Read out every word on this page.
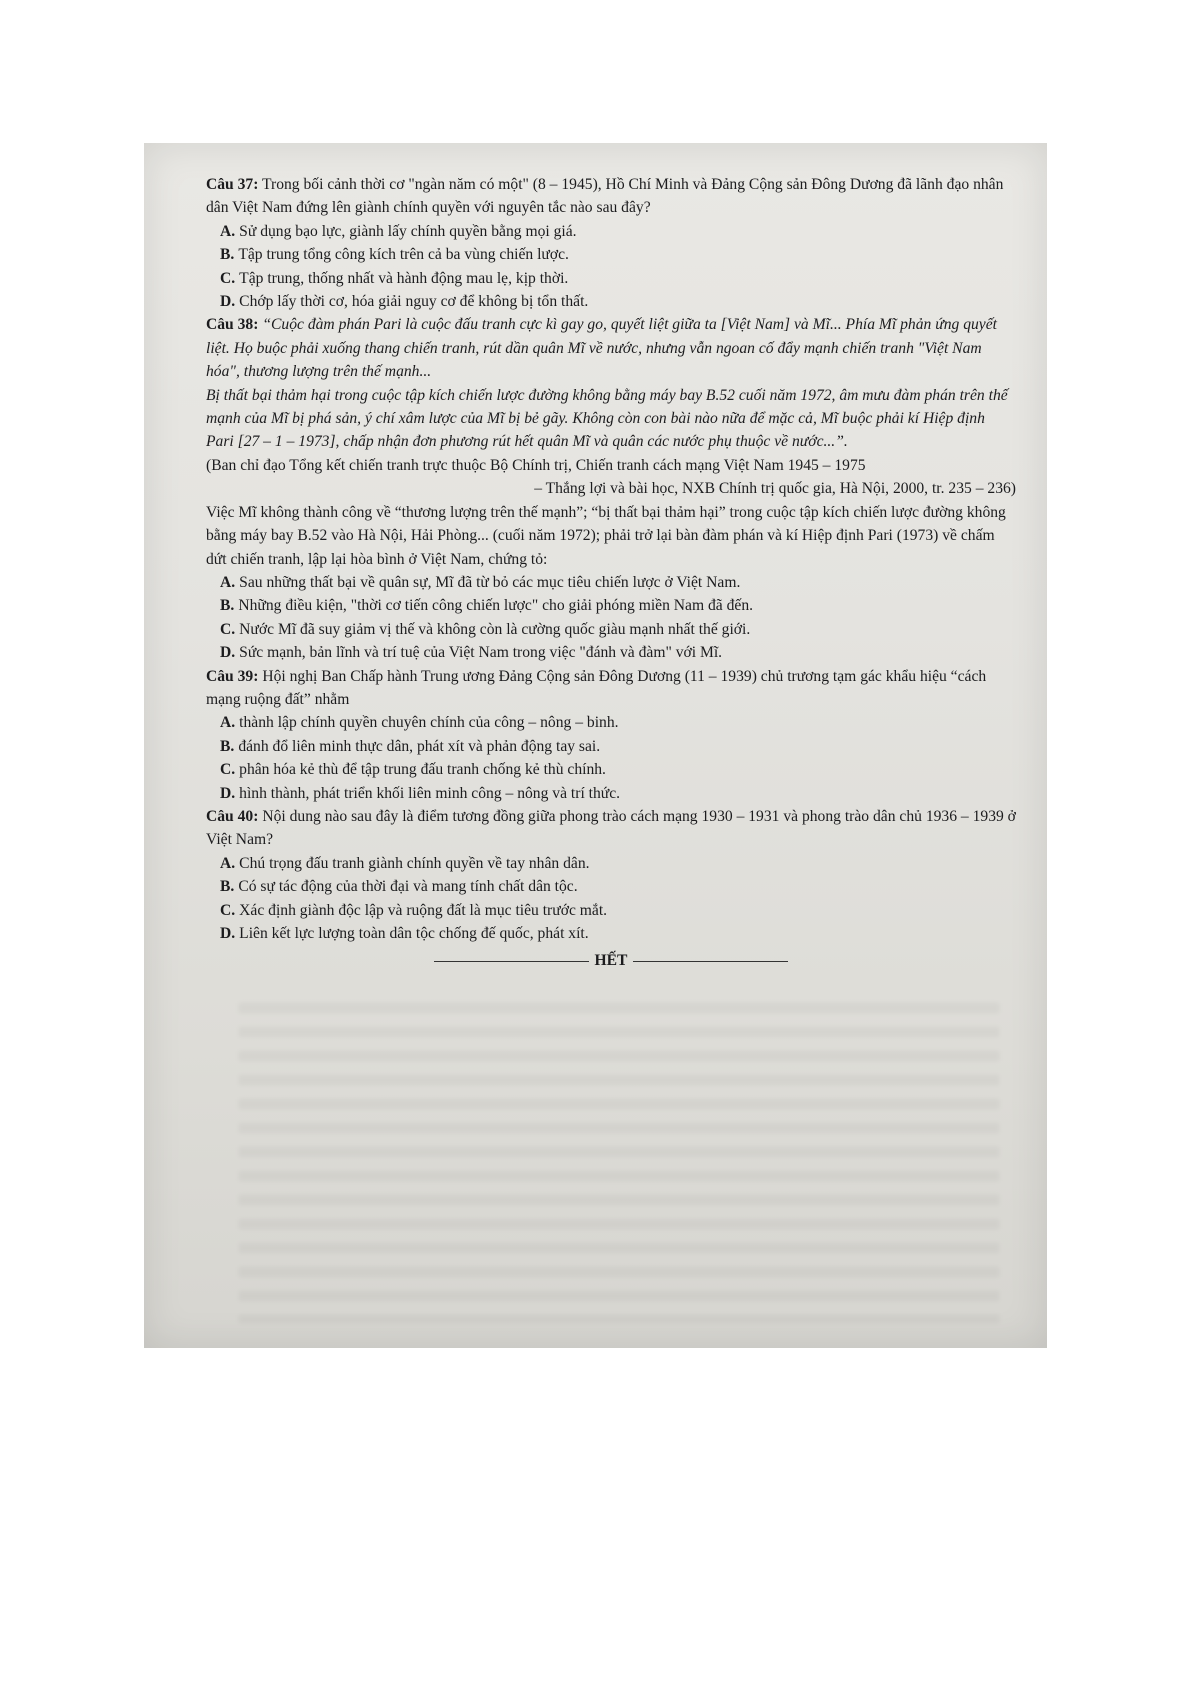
Câu 37: Trong bối cảnh thời cơ "ngàn năm có một" (8 – 1945), Hồ Chí Minh và Đảng Cộng sản Đông Dương đã lãnh đạo nhân dân Việt Nam đứng lên giành chính quyền với nguyên tắc nào sau đây?

A. Sử dụng bạo lực, giành lấy chính quyền bằng mọi giá.

B. Tập trung tổng công kích trên cả ba vùng chiến lược.

C. Tập trung, thống nhất và hành động mau lẹ, kịp thời.

D. Chớp lấy thời cơ, hóa giải nguy cơ để không bị tổn thất.

Câu 38: “Cuộc đàm phán Pari là cuộc đấu tranh cực kì gay go, quyết liệt giữa ta [Việt Nam] và Mĩ... Phía Mĩ phản ứng quyết liệt. Họ buộc phải xuống thang chiến tranh, rút dần quân Mĩ về nước, nhưng vẫn ngoan cố đẩy mạnh chiến tranh "Việt Nam hóa", thương lượng trên thế mạnh...

Bị thất bại thảm hại trong cuộc tập kích chiến lược đường không bằng máy bay B.52 cuối năm 1972, âm mưu đàm phán trên thế mạnh của Mĩ bị phá sản, ý chí xâm lược của Mĩ bị bẻ gãy. Không còn con bài nào nữa để mặc cả, Mĩ buộc phải kí Hiệp định Pari [27 – 1 – 1973], chấp nhận đơn phương rút hết quân Mĩ và quân các nước phụ thuộc về nước...”.

(Ban chỉ đạo Tổng kết chiến tranh trực thuộc Bộ Chính trị, Chiến tranh cách mạng Việt Nam 1945 – 1975

– Thắng lợi và bài học, NXB Chính trị quốc gia, Hà Nội, 2000, tr. 235 – 236)

Việc Mĩ không thành công về “thương lượng trên thế mạnh”; “bị thất bại thảm hại” trong cuộc tập kích chiến lược đường không bằng máy bay B.52 vào Hà Nội, Hải Phòng... (cuối năm 1972); phải trở lại bàn đàm phán và kí Hiệp định Pari (1973) về chấm dứt chiến tranh, lập lại hòa bình ở Việt Nam, chứng tỏ:

A. Sau những thất bại về quân sự, Mĩ đã từ bỏ các mục tiêu chiến lược ở Việt Nam.

B. Những điều kiện, "thời cơ tiến công chiến lược" cho giải phóng miền Nam đã đến.

C. Nước Mĩ đã suy giảm vị thế và không còn là cường quốc giàu mạnh nhất thế giới.

D. Sức mạnh, bản lĩnh và trí tuệ của Việt Nam trong việc "đánh và đàm" với Mĩ.

Câu 39: Hội nghị Ban Chấp hành Trung ương Đảng Cộng sản Đông Dương (11 – 1939) chủ trương tạm gác khẩu hiệu “cách mạng ruộng đất” nhằm

A. thành lập chính quyền chuyên chính của công – nông – binh.

B. đánh đổ liên minh thực dân, phát xít và phản động tay sai.

C. phân hóa kẻ thù để tập trung đấu tranh chống kẻ thù chính.

D. hình thành, phát triển khối liên minh công – nông và trí thức.

Câu 40: Nội dung nào sau đây là điểm tương đồng giữa phong trào cách mạng 1930 – 1931 và phong trào dân chủ 1936 – 1939 ở Việt Nam?

A. Chú trọng đấu tranh giành chính quyền về tay nhân dân.

B. Có sự tác động của thời đại và mang tính chất dân tộc.

C. Xác định giành độc lập và ruộng đất là mục tiêu trước mắt.

D. Liên kết lực lượng toàn dân tộc chống đế quốc, phát xít.

HẾT
